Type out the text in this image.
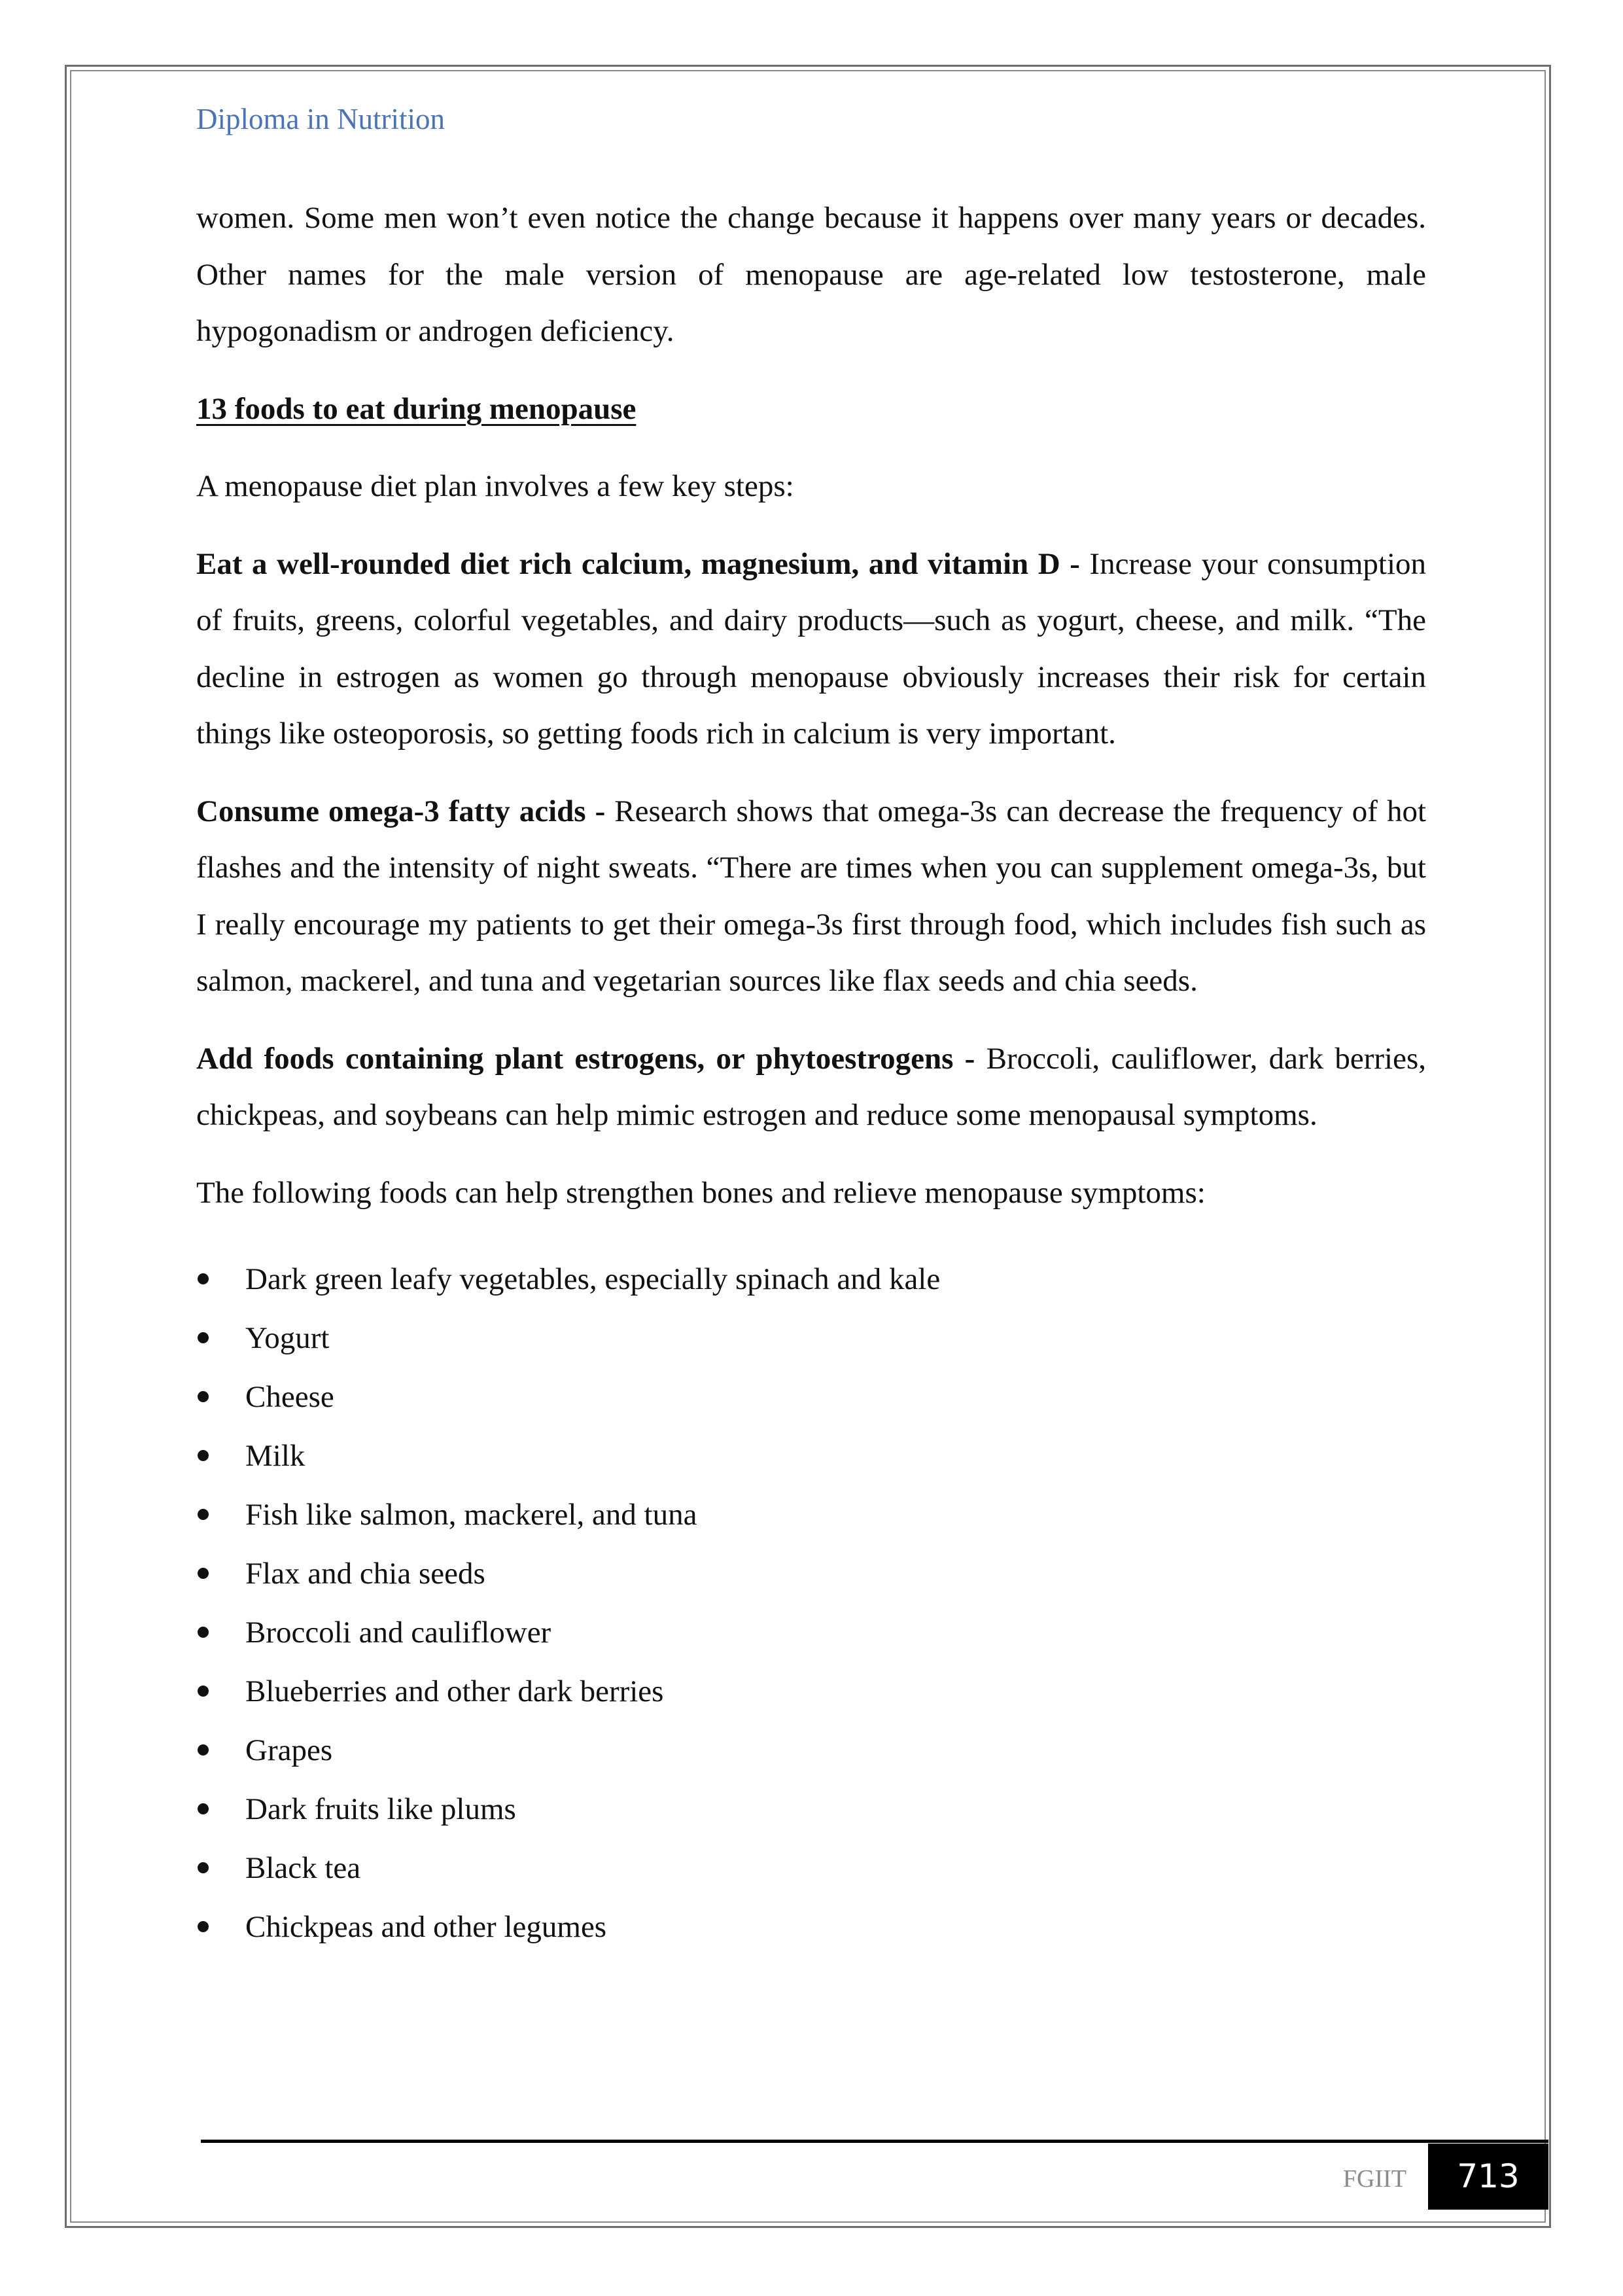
Diploma in Nutrition

women. Some men won’t even notice the change because it happens over many years or decades. Other names for the male version of menopause are age-related low testosterone, male hypogonadism or androgen deficiency.

13 foods to eat during menopause

A menopause diet plan involves a few key steps:

Eat a well-rounded diet rich calcium, magnesium, and vitamin D - Increase your consumption of fruits, greens, colorful vegetables, and dairy products—such as yogurt, cheese, and milk. “The decline in estrogen as women go through menopause obviously increases their risk for certain things like osteoporosis, so getting foods rich in calcium is very important.

Consume omega-3 fatty acids - Research shows that omega-3s can decrease the frequency of hot flashes and the intensity of night sweats. “There are times when you can supplement omega-3s, but I really encourage my patients to get their omega-3s first through food, which includes fish such as salmon, mackerel, and tuna and vegetarian sources like flax seeds and chia seeds.

Add foods containing plant estrogens, or phytoestrogens - Broccoli, cauliflower, dark berries, chickpeas, and soybeans can help mimic estrogen and reduce some menopausal symptoms.

The following foods can help strengthen bones and relieve menopause symptoms:

Dark green leafy vegetables, especially spinach and kale
Yogurt
Cheese
Milk
Fish like salmon, mackerel, and tuna
Flax and chia seeds
Broccoli and cauliflower
Blueberries and other dark berries
Grapes
Dark fruits like plums
Black tea
Chickpeas and other legumes
FGIIT	713
